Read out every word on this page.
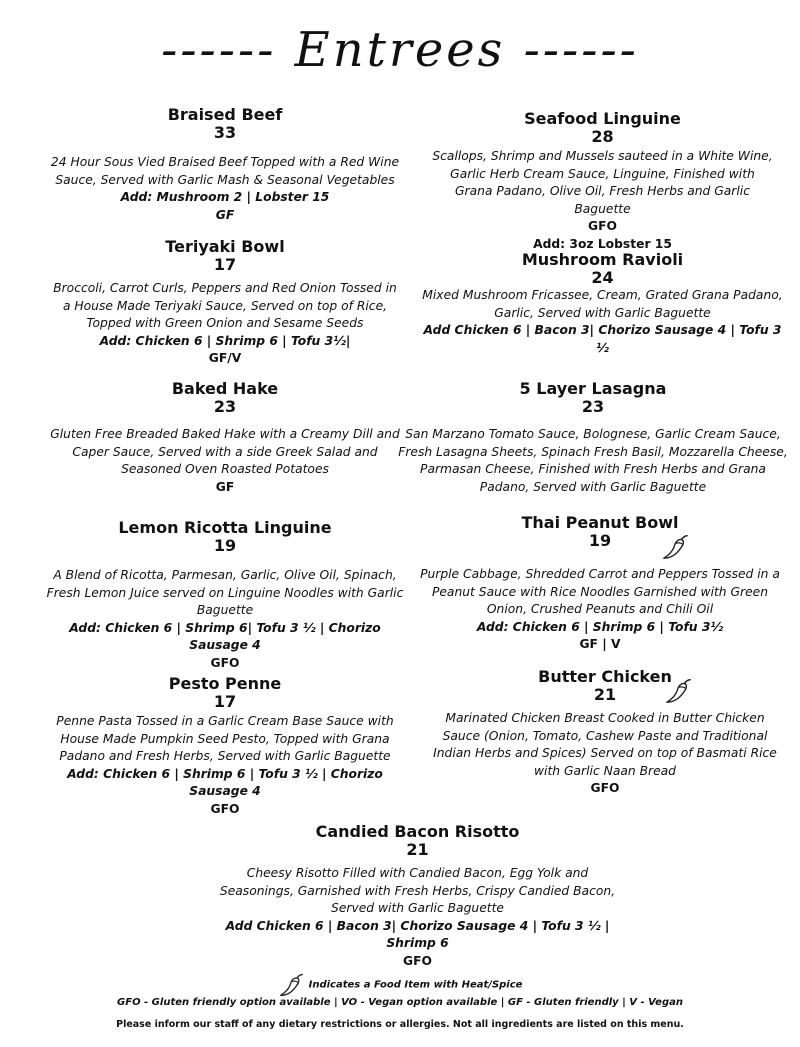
------ Entrees ------
Braised Beef
33
24 Hour Sous Vied Braised Beef Topped with a Red Wine Sauce, Served with Garlic Mash & Seasonal Vegetables
Add: Mushroom 2 | Lobster 15
GF
Teriyaki Bowl
17
Broccoli, Carrot Curls, Peppers and Red Onion Tossed in a House Made Teriyaki Sauce, Served on top of Rice, Topped with Green Onion and Sesame Seeds
Add: Chicken 6 | Shrimp 6 | Tofu 3½|
GF/V
Baked Hake
23
Gluten Free Breaded Baked Hake with a Creamy Dill and Caper Sauce, Served with a side Greek Salad and Seasoned Oven Roasted Potatoes
GF
Lemon Ricotta Linguine
19
A Blend of Ricotta, Parmesan, Garlic, Olive Oil, Spinach, Fresh Lemon Juice served on Linguine Noodles with Garlic Baguette
Add: Chicken 6 | Shrimp 6| Tofu 3 ½ | Chorizo Sausage 4
GFO
Pesto Penne
17
Penne Pasta Tossed in a Garlic Cream Base Sauce with House Made Pumpkin Seed Pesto, Topped with Grana Padano and Fresh Herbs, Served with Garlic Baguette
Add: Chicken 6 | Shrimp 6 | Tofu 3 ½ | Chorizo Sausage 4
GFO
Seafood Linguine
28
Scallops, Shrimp and Mussels sauteed in a White Wine, Garlic Herb Cream Sauce, Linguine, Finished with Grana Padano, Olive Oil, Fresh Herbs and Garlic Baguette
GFO
Add: 3oz Lobster 15
Mushroom Ravioli
24
Mixed Mushroom Fricassee, Cream, Grated Grana Padano, Garlic, Served with Garlic Baguette
Add Chicken 6 | Bacon 3| Chorizo Sausage 4 | Tofu 3 ½
5 Layer Lasagna
23
San Marzano Tomato Sauce, Bolognese, Garlic Cream Sauce, Fresh Lasagna Sheets, Spinach Fresh Basil, Mozzarella Cheese, Parmasan Cheese, Finished with Fresh Herbs and Grana Padano, Served with Garlic Baguette
Thai Peanut Bowl
19
Purple Cabbage, Shredded Carrot and Peppers Tossed in a Peanut Sauce with Rice Noodles Garnished with Green Onion, Crushed Peanuts and Chili Oil
Add: Chicken 6 | Shrimp 6 | Tofu 3½
GF | V
Butter Chicken
21
Marinated Chicken Breast Cooked in Butter Chicken Sauce (Onion, Tomato, Cashew Paste and Traditional Indian Herbs and Spices) Served on top of Basmati Rice with Garlic Naan Bread
GFO
Candied Bacon Risotto
21
Cheesy Risotto Filled with Candied Bacon, Egg Yolk and Seasonings, Garnished with Fresh Herbs, Crispy Candied Bacon, Served with Garlic Baguette
Add Chicken 6 | Bacon 3| Chorizo Sausage 4 | Tofu 3 ½ | Shrimp 6
GFO
Indicates a Food Item with Heat/Spice
GFO - Gluten friendly option available | VO - Vegan option available | GF - Gluten friendly | V - Vegan
Please inform our staff of any dietary restrictions or allergies. Not all ingredients are listed on this menu.
